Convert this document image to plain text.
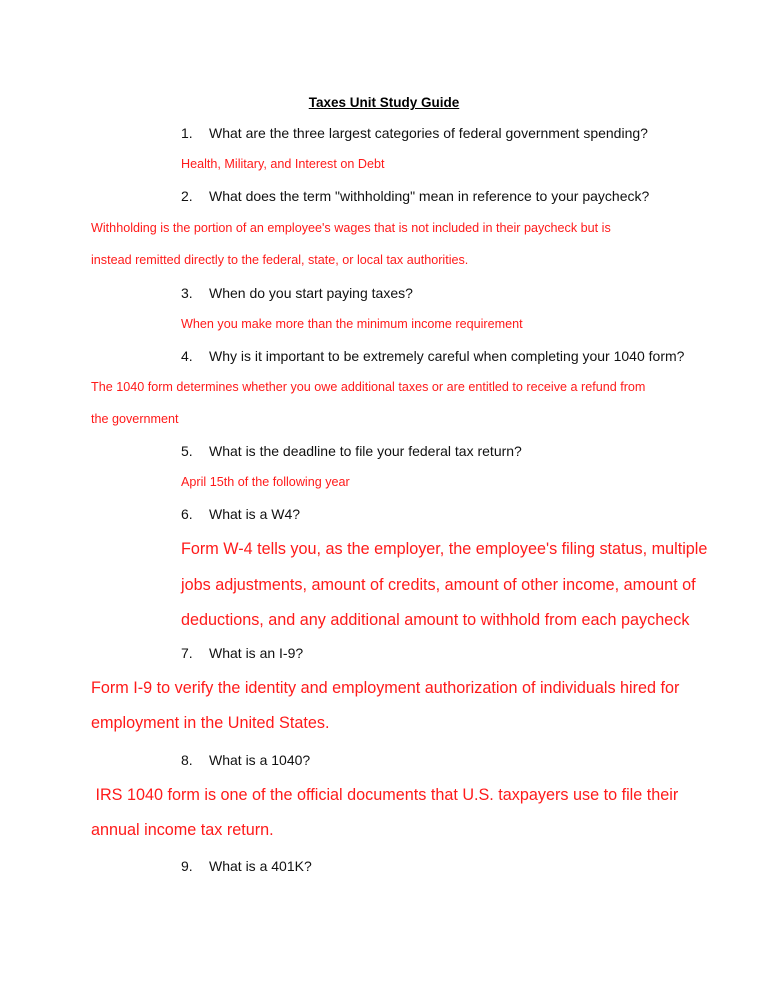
Taxes Unit Study Guide
1. What are the three largest categories of federal government spending?
Health, Military, and Interest on Debt
2. What does the term "withholding" mean in reference to your paycheck?
Withholding is the portion of an employee's wages that is not included in their paycheck but is
instead remitted directly to the federal, state, or local tax authorities.
3. When do you start paying taxes?
When you make more than the minimum income requirement
4. Why is it important to be extremely careful when completing your 1040 form?
The 1040 form determines whether you owe additional taxes or are entitled to receive a refund from
the government
5. What is the deadline to file your federal tax return?
April 15th of the following year
6. What is a W4?
Form W-4 tells you, as the employer, the employee's filing status, multiple
jobs adjustments, amount of credits, amount of other income, amount of
deductions, and any additional amount to withhold from each paycheck
7. What is an I-9?
Form I-9 to verify the identity and employment authorization of individuals hired for
employment in the United States.
8. What is a 1040?
IRS 1040 form is one of the official documents that U.S. taxpayers use to file their
annual income tax return.
9. What is a 401K?
